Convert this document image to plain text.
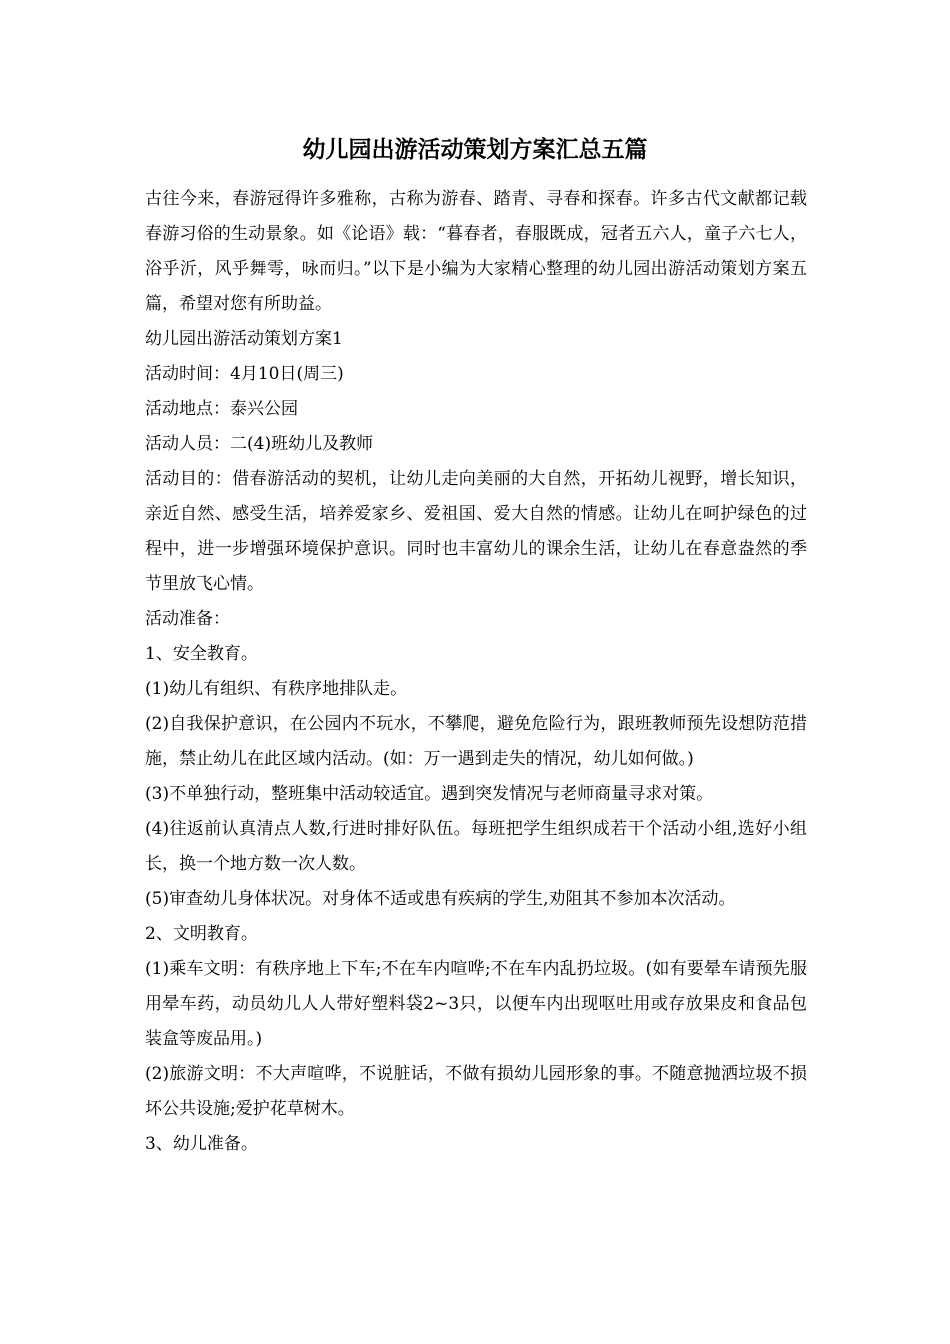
幼儿园出游活动策划方案汇总五篇

古往今来，春游冠得许多雅称，古称为游春、踏青、寻春和探春。许多古代文献都记载春游习俗的生动景象。如《论语》载：“暮春者，春服既成，冠者五六人，童子六七人，浴乎沂，风乎舞雩，咏而归。”以下是小编为大家精心整理的幼儿园出游活动策划方案五篇，希望对您有所助益。

幼儿园出游活动策划方案1

活动时间：4月10日(周三)

活动地点：泰兴公园

活动人员：二(4)班幼儿及教师

活动目的：借春游活动的契机，让幼儿走向美丽的大自然，开拓幼儿视野，增长知识，亲近自然、感受生活，培养爱家乡、爱祖国、爱大自然的情感。让幼儿在呵护绿色的过程中，进一步增强环境保护意识。同时也丰富幼儿的课余生活，让幼儿在春意盎然的季节里放飞心情。

活动准备：

1、安全教育。

(1)幼儿有组织、有秩序地排队走。

(2)自我保护意识，在公园内不玩水，不攀爬，避免危险行为，跟班教师预先设想防范措施，禁止幼儿在此区域内活动。(如：万一遇到走失的情况，幼儿如何做。)

(3)不单独行动，整班集中活动较适宜。遇到突发情况与老师商量寻求对策。

(4)往返前认真清点人数,行进时排好队伍。每班把学生组织成若干个活动小组,选好小组长，换一个地方数一次人数。

(5)审查幼儿身体状况。对身体不适或患有疾病的学生,劝阻其不参加本次活动。

2、文明教育。

(1)乘车文明：有秩序地上下车;不在车内喧哗;不在车内乱扔垃圾。(如有要晕车请预先服用晕车药，动员幼儿人人带好塑料袋2~3只，以便车内出现呕吐用或存放果皮和食品包装盒等废品用。)

(2)旅游文明：不大声喧哗，不说脏话，不做有损幼儿园形象的事。不随意抛洒垃圾不损坏公共设施;爱护花草树木。

3、幼儿准备。
